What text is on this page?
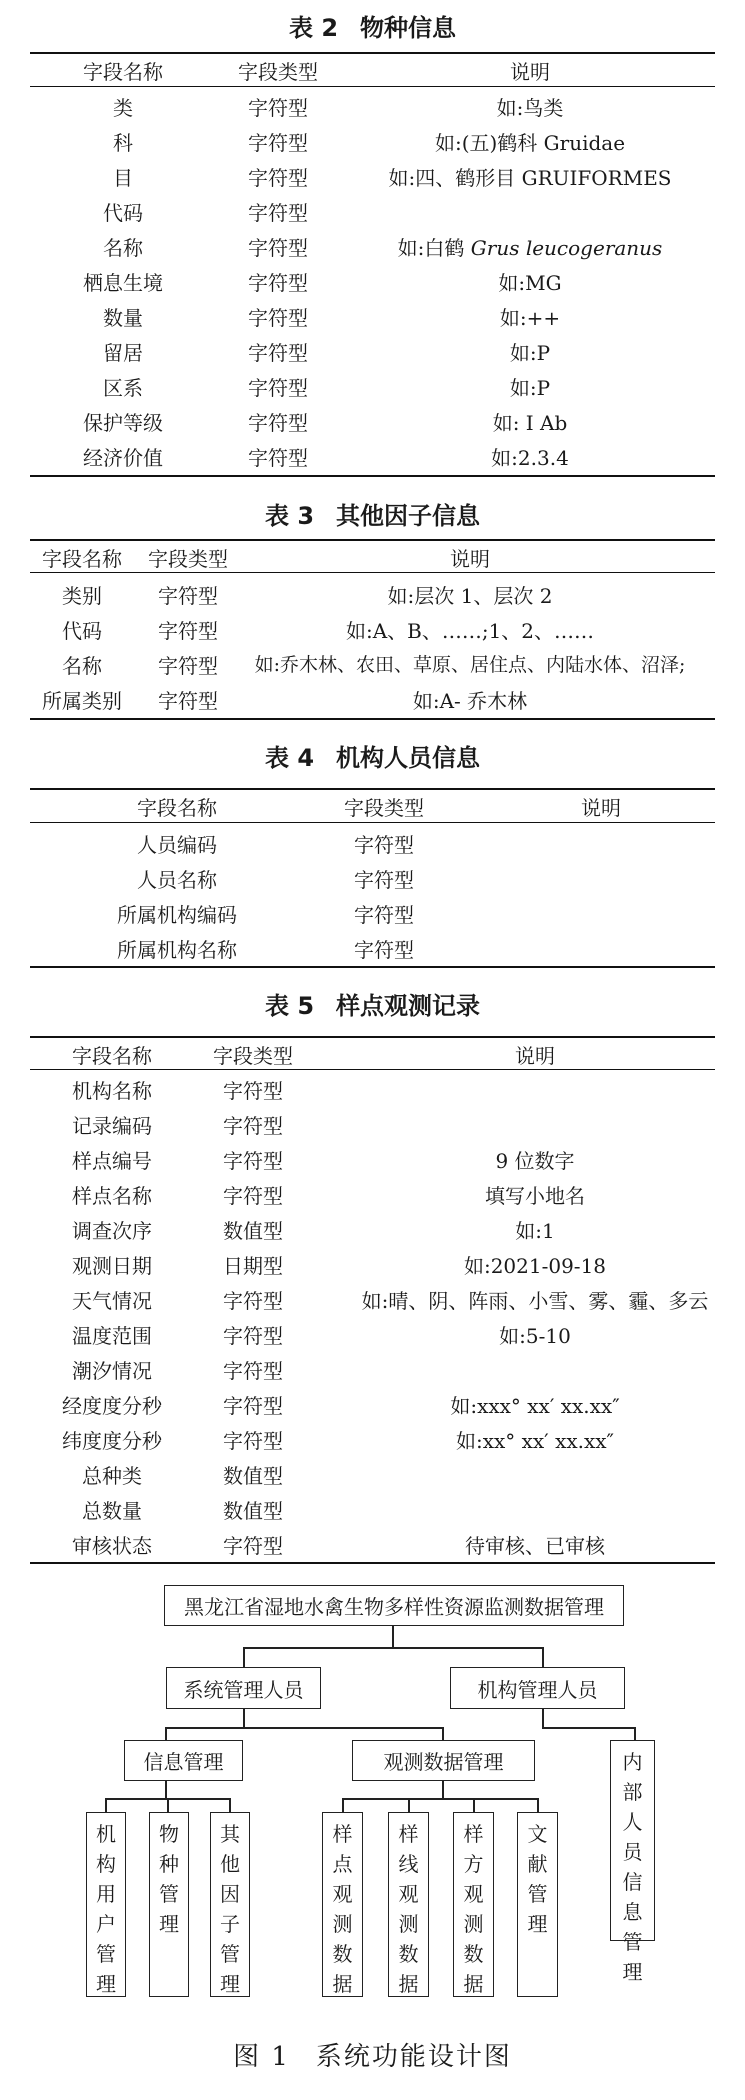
表 2 物种信息
字段名称	字段类型	说明
类	字符型	如:鸟类
科	字符型	如:(五)鹤科 Gruidae
目	字符型	如:四、鹤形目 GRUIFORMES
代码	字符型
名称	字符型	如:白鹤 Grus leucogeranus
栖息生境	字符型	如:MG
数量	字符型	如:++
留居	字符型	如:P
区系	字符型	如:P
保护等级	字符型	如: Ⅰ Ab
经济价值	字符型	如:2.3.4
表 3 其他因子信息
字段名称 字段类型	说明
类别	字符型	如:层次 1、层次 2
代码	字符型	如:A、B、……;1、2、……
名称	字符型 如:乔木林、农田、草原、居住点、内陆水体、沼泽;
所属类别 字符型	如:A- 乔木林
表 4 机构人员信息
字段名称	字段类型	说明
人员编码	字符型
人员名称	字符型
所属机构编码	字符型
所属机构名称	字符型
表 5 样点观测记录
字段名称	字段类型	说明
机构名称	字符型
记录编码	字符型
样点编号	字符型	9 位数字
样点名称	字符型	填写小地名
调查次序	数值型	如:1
观测日期	日期型	如:2021-09-18
天气情况	字符型	如:晴、阴、阵雨、小雪、雾、霾、多云
温度范围	字符型	如:5-10
潮汐情况	字符型
经度度分秒	字符型	如:xxx° xx′ xx.xx″
纬度度分秒	字符型	如:xx° xx′ xx.xx″
总种类	数值型
总数量	数值型
审核状态	字符型	待审核、已审核
黑龙江省湿地水禽生物多样性资源监测数据管理
系统管理人员	机构管理人员
信息管理	观测数据管理	内
部
人
员
信
息
管
理
机
构
用
户
管
理
物
种
管
理
其
他
因
子
管
理
样
点
观
测
数
据
样
线
观
测
数
据
样
方
观
测
数
据
文
献
管
理
图 1 系统功能设计图
